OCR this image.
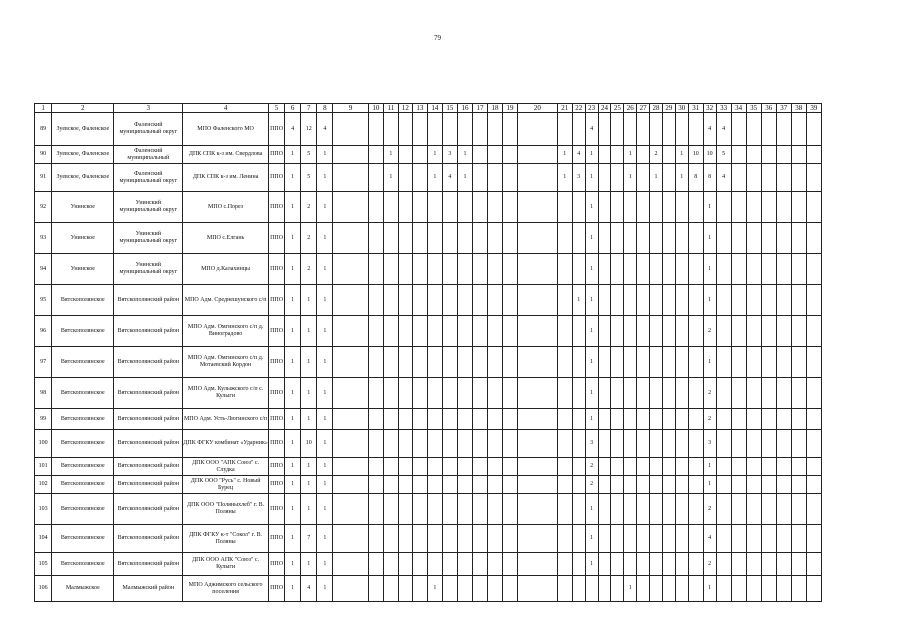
79
1	2	3	4	5	6	7	8	9	10	11	12	13	14	15	16	17	18	19	20	21	22	23	24	25	26	27	28	29	30	31	32	33	34	35	36	37	38	39
89	Зуевское, Фаленское	Фаленский муниципальный округ	МПО Фаленского МО	ППО	4	12	4															4									4	4						
90	Зуевское, Фаленское	Фаленский муниципальный	ДПК СПК к-з им. Свердлова	ППО	1	5	1			1			1	3	1					1	4	1			1		2		1	10	10	5						
91	Зуевское, Фаленское	Фаленский муниципальный округ	ДПК СПК к-з им. Ленина	ППО	1	5	1			1			1	4	1					1	3	1			1		1		1	8	8	4						
92	Унинское	Унинский муниципальный округ	МПО с.Порез	ППО	1	2	1															1									1							
93	Унинское	Унинский муниципальный округ	МПО с.Елгань	ППО	1	2	1															1									1							
94	Унинское	Унинский муниципальный округ	МПО д.Калахинцы	ППО	1	2	1															1									1							
95	Вятскополянское	Вятскополянский район	МПО Адм. Среднешунского с/п	ППО	1	1	1														1	1									1							
96	Вятскополянское	Вятскополянский район	МПО Адм. Омгинского с/п д. Виноградово	ППО	1	1	1															1									2							
97	Вятскополянское	Вятскополянский район	МПО Адм. Омгинского с/п д. Мотаевский Кордон	ППО	1	1	1															1									1							
98	Вятскополянское	Вятскополянский район	МПО Адм. Кулыжского с/п с. Кулыги	ППО	1	1	1															1									2							
99	Вятскополянское	Вятскополянский район	МПО Адм. Усть-Люгинского с/п	ППО	1	1	1															1									2							
100	Вятскополянское	Вятскополянский район	ДПК ФГКУ комбинат «Ударник»	ППО	1	10	1															3									3							
101	Вятскополянское	Вятскополянский район	ДПК ООО "АПК Союз" с. Слудка	ППО	1	1	1															2									1							
102	Вятскополянское	Вятскополянский район	ДПК ООО "Русь" с. Новый Бурец	ППО	1	1	1															2									1							
103	Вятскополянское	Вятскополянский район	ДПК ООО "Поляныхлеб" г. В. Поляны	ППО	1	1	1															1									2							
104	Вятскополянское	Вятскополянский район	ДПК ФГКУ к-т "Сокол" г. В. Поляны	ППО	1	7	1															1									4							
105	Вятскополянское	Вятскополянский район	ДПК ООО АПК "Союз" с. Кулыги	ППО	1	1	1															1									2							
106	Малмыжское	Малмыжский район	МПО Аджимского сельского поселения	ППО	1	4	1						1												1						1							
